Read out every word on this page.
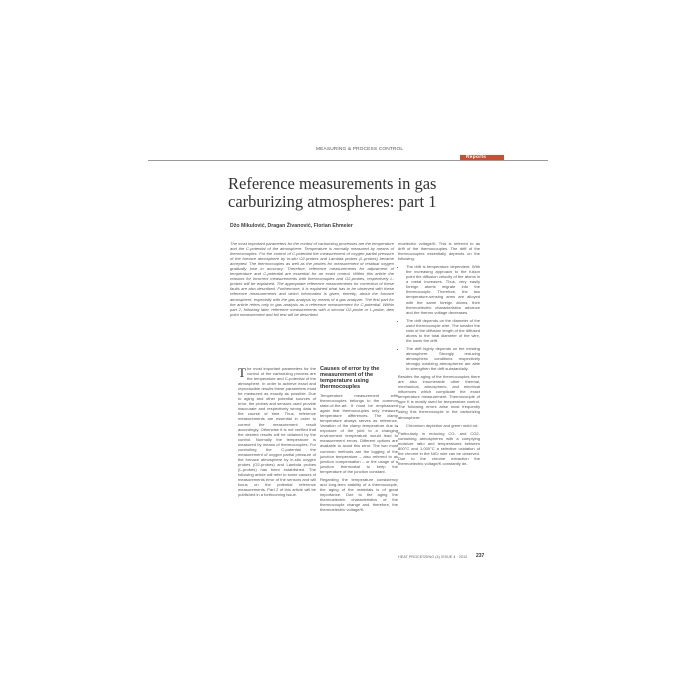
MEASURING & PROCESS CONTROL
Reports
Reference measurements in gas carburizing atmospheres: part 1
Džo Mikulović, Dragan Živanović, Florian Ehmeier
The most important parameters for the control of carburizing processes are the temperature and the C-potential of the atmosphere. Temperature is normally measured by means of thermocouples. For the control of C-potential the measurement of oxygen partial pressure of the furnace atmosphere by in-situ O2-probes and Lambda probes (L-probes) became accepted. The thermocouples as well as the probes for measurement of residual oxygen gradually lose in accuracy. Therefore, reference measurements for adjustment of temperature and C-potential are essential for an exact control. Within this article the reasons for incorrect measurements with thermocouples and O2-probes, respectively L-probes will be explained. The appropriate reference measurements for correction of these faults are also described. Furthermore, it is explained what has to be observed with these reference measurements and which information is given, thereby, about the furnace atmosphere, especially with the gas analysis by means of a gas analyzer. The first part for the article refers only to gas analysis as a reference measurement for C-potential. Within part 2, following later, reference measurements with a second O2-probe or L-probe, dew point measurement and foil test will be described.
T he most important parameters for the control of the carburizing process are the temperature and C-potential of the atmosphere. In order to achieve exact and reproducible results these parameters must be measured as exactly as possible. Due to aging and other potential sources of error, the probes and sensors used provide inaccurate and respectively wrong data in the course of time. Thus, reference measurements are essential in order to correct the measurement result accordingly. Otherwise it is not verified that the desired results will be obtained by the control. Normally the temperature is measured by means of thermocouples. For controlling the C-potential the measurement of oxygen partial pressure of the furnace atmosphere by in-situ oxygen probes (O2-probes) and Lambda probes (L-probes) has been established. The following article will refer to some causes of measurements error of the sensors and will focus on the potential reference measurements. Part 2 of this article will be published in a forthcoming issue.
Causes of error by the measurement of the temperature using thermocouples

Temperature measurement with thermocouples belongs to the common state-of-the-art. It must be emphasized again that thermocouples only measure temperature differences. The clamp temperature always serves as reference. Variation of the clamp temperature due to exposure of the joint to a changing environment temperature would lead to measurement errors. Different options are available to avoid this error. The two most common methods are the logging of the junction temperature – also referred to as junction compensation – or the usage of a junction thermostat to keep the temperature of the junction constant.

Regarding the temperature consistency and long-term stability of a thermocouple, the aging of the materials is of great importance. Due to the aging the thermoelectric characteristics of the thermocouple change and, therefore, the thermoelectric voltage/K.

moelectric voltage/K. This is referred to as drift of the thermocouples. The drift of the thermocouples essentially depends on the following:

• The drift is temperature dependent. With the increasing approach to the fusion point the diffusion velocity of the atoms in a metal increases. Thus, very easily foreign atoms migrate into the thermocouple. Therefore, the two temperature-sensing arms are alloyed with the same foreign atoms, their thermoelectric characteristics advance and the thermo voltage decreases.
• The drift depends on the diameter of the used thermocouple wire. The smaller the ratio of the diffusion length of the diffused atoms to the total diameter of the wire, the lower the drift.
• The drift highly depends on the existing atmosphere. Strongly reducing atmospheric conditions respectively strongly oxidizing atmospheres are able to strengthen the drift substantially.

Besides the aging of the thermocouples there are also innumerable other thermal, mechanical, atmospheric, and electrical influences which complicate the exact temperature measurement. Thermocouple of type K is mostly used for temperature control. The following errors arise most frequently using this thermocouple in the carburizing atmosphere:

• Chromium depletion and green mold rot.

Particularly in reducing CO- and CO2-containing atmospheres with a complying moisture ratio and temperatures between 800°C and 1,000°C a selective oxidation of the chrome in the NiCr wire can be observed. Due to the chrome extraction the thermoelectric voltage/K constantly de-

HEAT PROCESSING (4) ISSUE 4 · 2010 237
